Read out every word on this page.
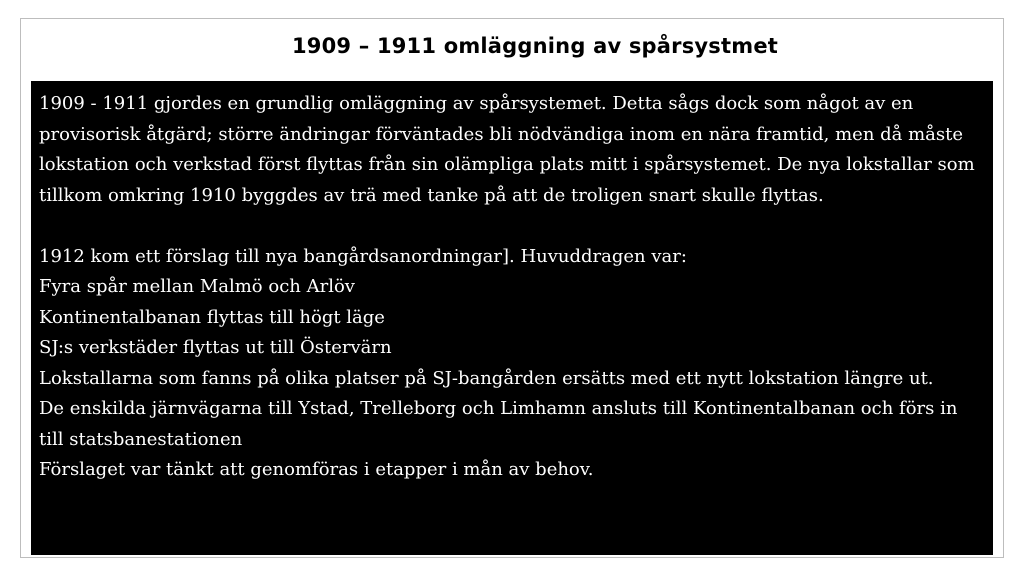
1909 – 1911 omläggning av spårsystmet

1909 - 1911 gjordes en grundlig omläggning av spårsystemet. Detta sågs dock som något av en provisorisk åtgärd; större ändringar förväntades bli nödvändiga inom en nära framtid, men då måste lokstation och verkstad först flyttas från sin olämpliga plats mitt i spårsystemet. De nya lokstallar som tillkom omkring 1910 byggdes av trä med tanke på att de troligen snart skulle flyttas.

1912 kom ett förslag till nya bangårdsanordningar]. Huvuddragen var:

Fyra spår mellan Malmö och Arlöv

Kontinentalbanan flyttas till högt läge

SJ:s verkstäder flyttas ut till Östervärn

Lokstallarna som fanns på olika platser på SJ-bangården ersätts med ett nytt lokstation längre ut.

De enskilda järnvägarna till Ystad, Trelleborg och Limhamn ansluts till Kontinentalbanan och förs in till statsbanestationen

Förslaget var tänkt att genomföras i etapper i mån av behov.
